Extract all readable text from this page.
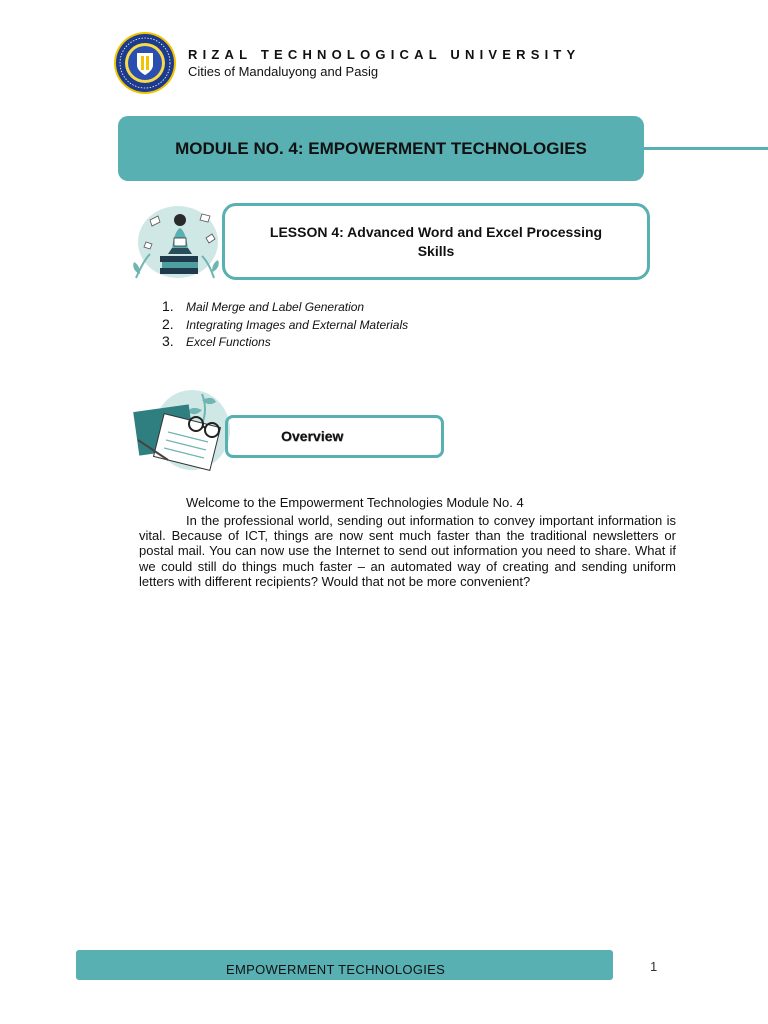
RIZAL TECHNOLOGICAL UNIVERSITY
Cities of Mandaluyong and Pasig
MODULE NO. 4: EMPOWERMENT TECHNOLOGIES
LESSON 4: Advanced Word and Excel Processing Skills
1.	Mail Merge and Label Generation
2.	Integrating Images and External Materials
3.	Excel Functions
Overview
Welcome to the Empowerment Technologies Module No. 4

In the professional world, sending out information to convey important information is vital. Because of ICT, things are now sent much faster than the traditional newsletters or postal mail. You can now use the Internet to send out information you need to share. What if we could still do things much faster – an automated way of creating and sending uniform letters with different recipients? Would that not be more convenient?

EMPOWERMENT TECHNOLOGIES	1
